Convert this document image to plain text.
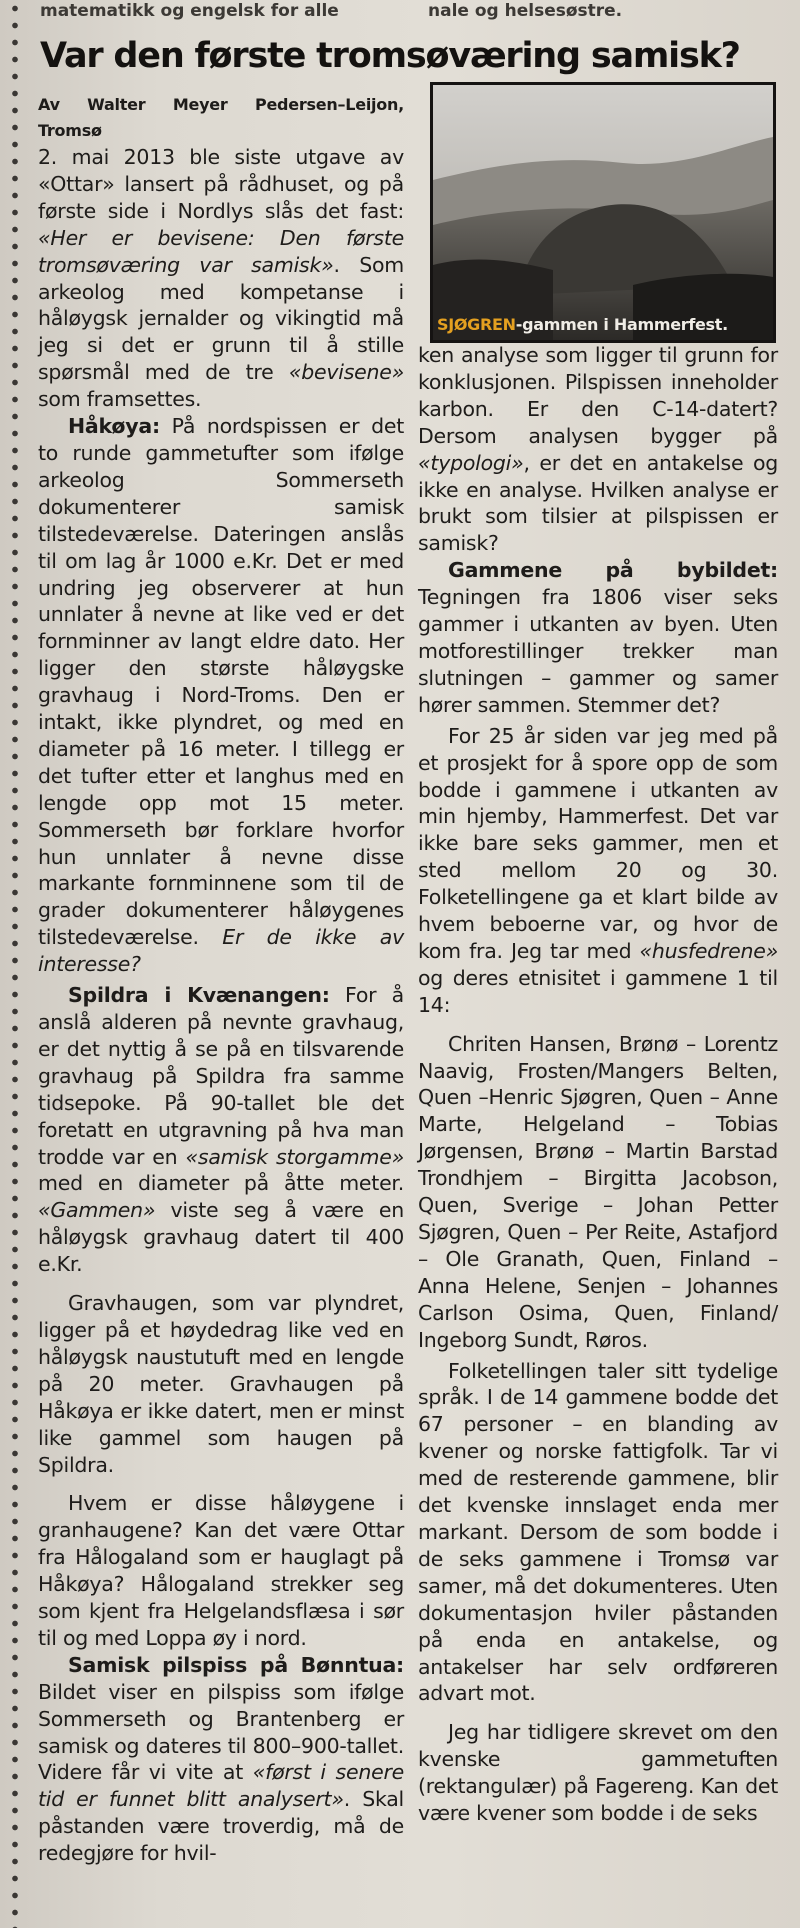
matematikk og engelsk for alle	nale og helsesøstre.
Var den første tromsøværing samisk?
SJØGREN-gammen i Hammerfest.

Av Walter Meyer Pedersen–Leijon, Tromsø

2. mai 2013 ble siste utgave av «Ottar» lansert på rådhuset, og på første side i Nordlys slås det fast: «Her er bevisene: Den første tromsøværing var samisk». Som arkeolog med kompetanse i håløygsk jernalder og vikingtid må jeg si det er grunn til å stille spørsmål med de tre «bevisene» som framsettes.

Håkøya: På nordspissen er det to runde gammetufter som ifølge arkeolog Sommerseth dokumenterer samisk tilstedeværelse. Dateringen anslås til om lag år 1000 e.Kr. Det er med undring jeg observerer at hun unnlater å nevne at like ved er det fornminner av langt eldre dato. Her ligger den største håløygske gravhaug i Nord-Troms. Den er intakt, ikke plyndret, og med en diameter på 16 meter. I tillegg er det tufter etter et langhus med en lengde opp mot 15 meter. Sommerseth bør forklare hvorfor hun unnlater å nevne disse markante fornminnene som til de grader dokumenterer håløygenes tilstedeværelse. Er de ikke av interesse?

Spildra i Kvænangen: For å anslå alderen på nevnte gravhaug, er det nyttig å se på en tilsvarende gravhaug på Spildra fra samme tidsepoke. På 90-tallet ble det foretatt en utgravning på hva man trodde var en «samisk storgamme» med en diameter på åtte meter. «Gammen» viste seg å være en håløygsk gravhaug datert til 400 e.Kr.

Gravhaugen, som var plyndret, ligger på et høydedrag like ved en håløygsk naustutuft med en lengde på 20 meter. Gravhaugen på Håkøya er ikke datert, men er minst like gammel som haugen på Spildra.

Hvem er disse håløygene i granhaugene? Kan det være Ottar fra Hålogaland som er hauglagt på Håkøya? Hålogaland strekker seg som kjent fra Helgelandsflæsa i sør til og med Loppa øy i nord.

Samisk pilspiss på Bønntua: Bildet viser en pilspiss som ifølge Sommerseth og Brantenberg er samisk og dateres til 800–900-tallet. Videre får vi vite at «først i senere tid er funnet blitt analysert». Skal påstanden være troverdig, må de redegjøre for hvil-

ken analyse som ligger til grunn for konklusjonen. Pilspissen inneholder karbon. Er den C-14-datert? Dersom analysen bygger på «typologi», er det en antakelse og ikke en analyse. Hvilken analyse er brukt som tilsier at pilspissen er samisk?

Gammene på bybildet: Tegningen fra 1806 viser seks gammer i utkanten av byen. Uten motforestillinger trekker man slutningen – gammer og samer hører sammen. Stemmer det?

For 25 år siden var jeg med på et prosjekt for å spore opp de som bodde i gammene i utkanten av min hjemby, Hammerfest. Det var ikke bare seks gammer, men et sted mellom 20 og 30. Folketellingene ga et klart bilde av hvem beboerne var, og hvor de kom fra. Jeg tar med «husfedrene» og deres etnisitet i gammene 1 til 14:

Chriten Hansen, Brønø – Lorentz Naavig, Frosten/Mangers Belten, Quen –Henric Sjøgren, Quen – Anne Marte, Helgeland – Tobias Jørgensen, Brønø – Martin Barstad Trondhjem – Birgitta Jacobson, Quen, Sverige – Johan Petter Sjøgren, Quen – Per Reite, Astafjord – Ole Granath, Quen, Finland – Anna Helene, Senjen – Johannes Carlson Osima, Quen, Finland/ Ingeborg Sundt, Røros.

Folketellingen taler sitt tydelige språk. I de 14 gammene bodde det 67 personer – en blanding av kvener og norske fattigfolk. Tar vi med de resterende gammene, blir det kvenske innslaget enda mer markant. Dersom de som bodde i de seks gammene i Tromsø var samer, må det dokumenteres. Uten dokumentasjon hviler påstanden på enda en antakelse, og antakelser har selv ordføreren advart mot.

Jeg har tidligere skrevet om den kvenske gammetuften (rektangulær) på Fagereng. Kan det være kvener som bodde i de seks
